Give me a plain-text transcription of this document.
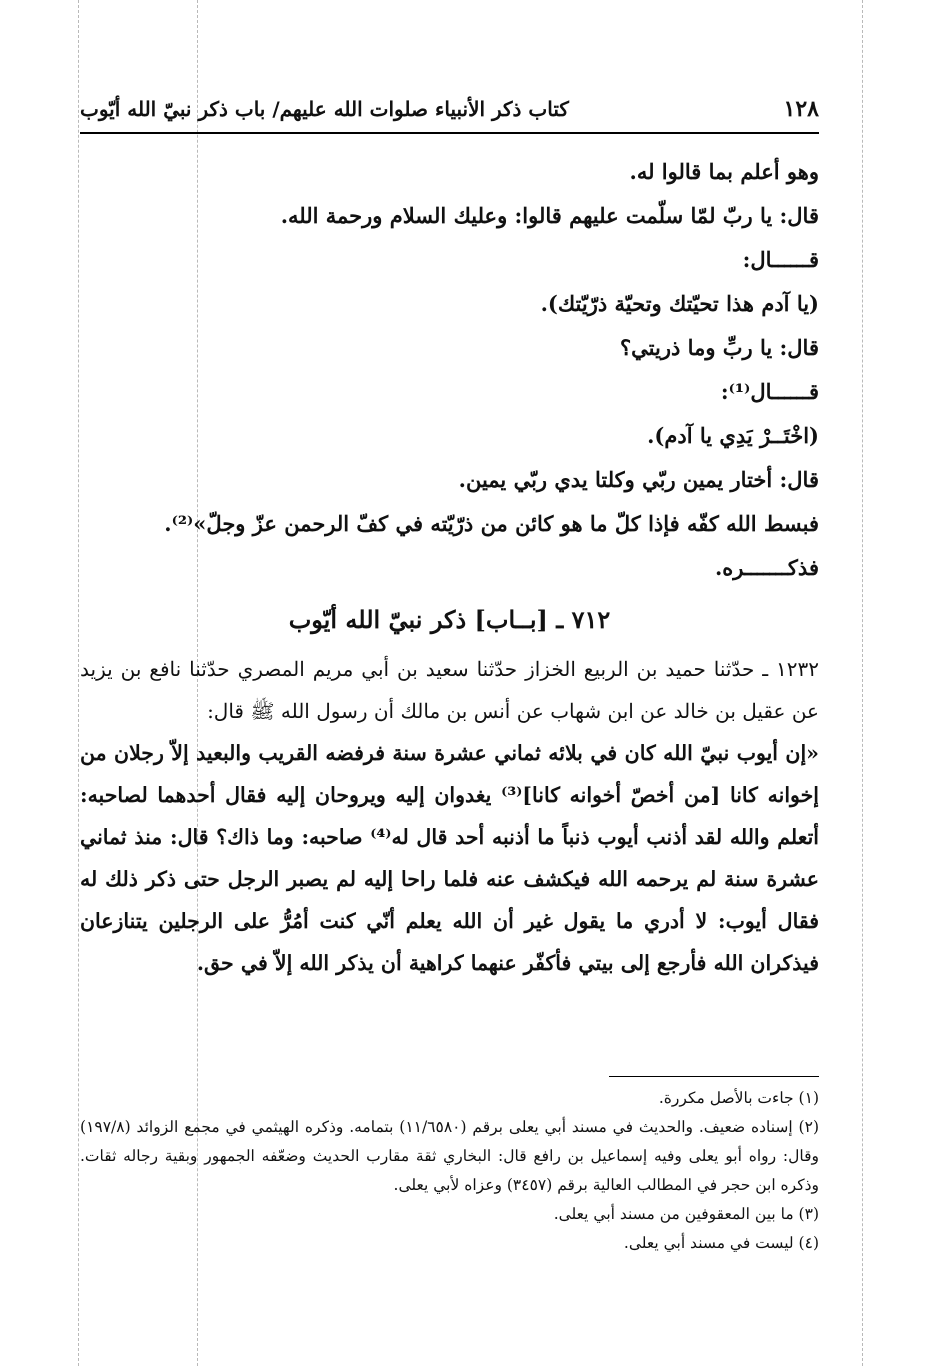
١٢٨
كتاب ذكر الأنبياء صلوات الله عليهم/ باب ذكر نبيّ الله أيّوب

وهو أعلم بما قالوا له.

قال: يا ربّ لمّا سلّمت عليهم قالوا: وعليك السلام ورحمة الله.

قــــــال:

(يا آدم هذا تحيّتك وتحيّة ذرّيّتك).

قال: يا ربِّ وما ذريتي؟

قــــــال⁽¹⁾:

(اخْتَــرْ يَدِي يا آدم).

قال: أختار يمين ربّي وكلتا يدي ربّي يمين.

فبسط الله كفّه فإذا كلّ ما هو كائن من ذرّيّته في كفّ الرحمن عزّ وجلّ»⁽²⁾.

فذكـــــــره.

٧١٢ ـ [بــاب] ذكر نبيّ الله أيّوب

١٢٣٢ ـ حدّثنا حميد بن الربيع الخزاز حدّثنا سعيد بن أبي مريم المصري حدّثنا نافع بن يزيد عن عقيل بن خالد عن ابن شهاب عن أنس بن مالك أن رسول الله ﷺ قال:

«إن أيوب نبيّ الله كان في بلائه ثماني عشرة سنة فرفضه القريب والبعيد إلاّ رجلان من إخوانه كانا [من أخصّ أخوانه كانا]⁽³⁾ يغدوان إليه ويروحان إليه فقال أحدهما لصاحبه: أتعلم والله لقد أذنب أيوب ذنباً ما أذنبه أحد قال له⁽⁴⁾ صاحبه: وما ذاك؟ قال: منذ ثماني عشرة سنة لم يرحمه الله فيكشف عنه فلما راحا إليه لم يصبر الرجل حتى ذكر ذلك له فقال أيوب: لا أدري ما يقول غير أن الله يعلم أنّي كنت أمُرُّ على الرجلين يتنازعان فيذكران الله فأرجع إلى بيتي فأكفّر عنهما كراهية أن يذكر الله إلاّ في حق.

(١) جاءت بالأصل مكررة.

(٢) إسناده ضعيف. والحديث في مسند أبي يعلى برقم (١١/٦٥٨٠) بتمامه. وذكره الهيثمي في مجمع الزوائد (١٩٧/٨) وقال: رواه أبو يعلى وفيه إسماعيل بن رافع قال: البخاري ثقة مقارب الحديث وضعّفه الجمهور وبقية رجاله ثقات. وذكره ابن حجر في المطالب العالية برقم (٣٤٥٧) وعزاه لأبي يعلى.

(٣) ما بين المعقوفين من مسند أبي يعلى.

(٤) ليست في مسند أبي يعلى.
